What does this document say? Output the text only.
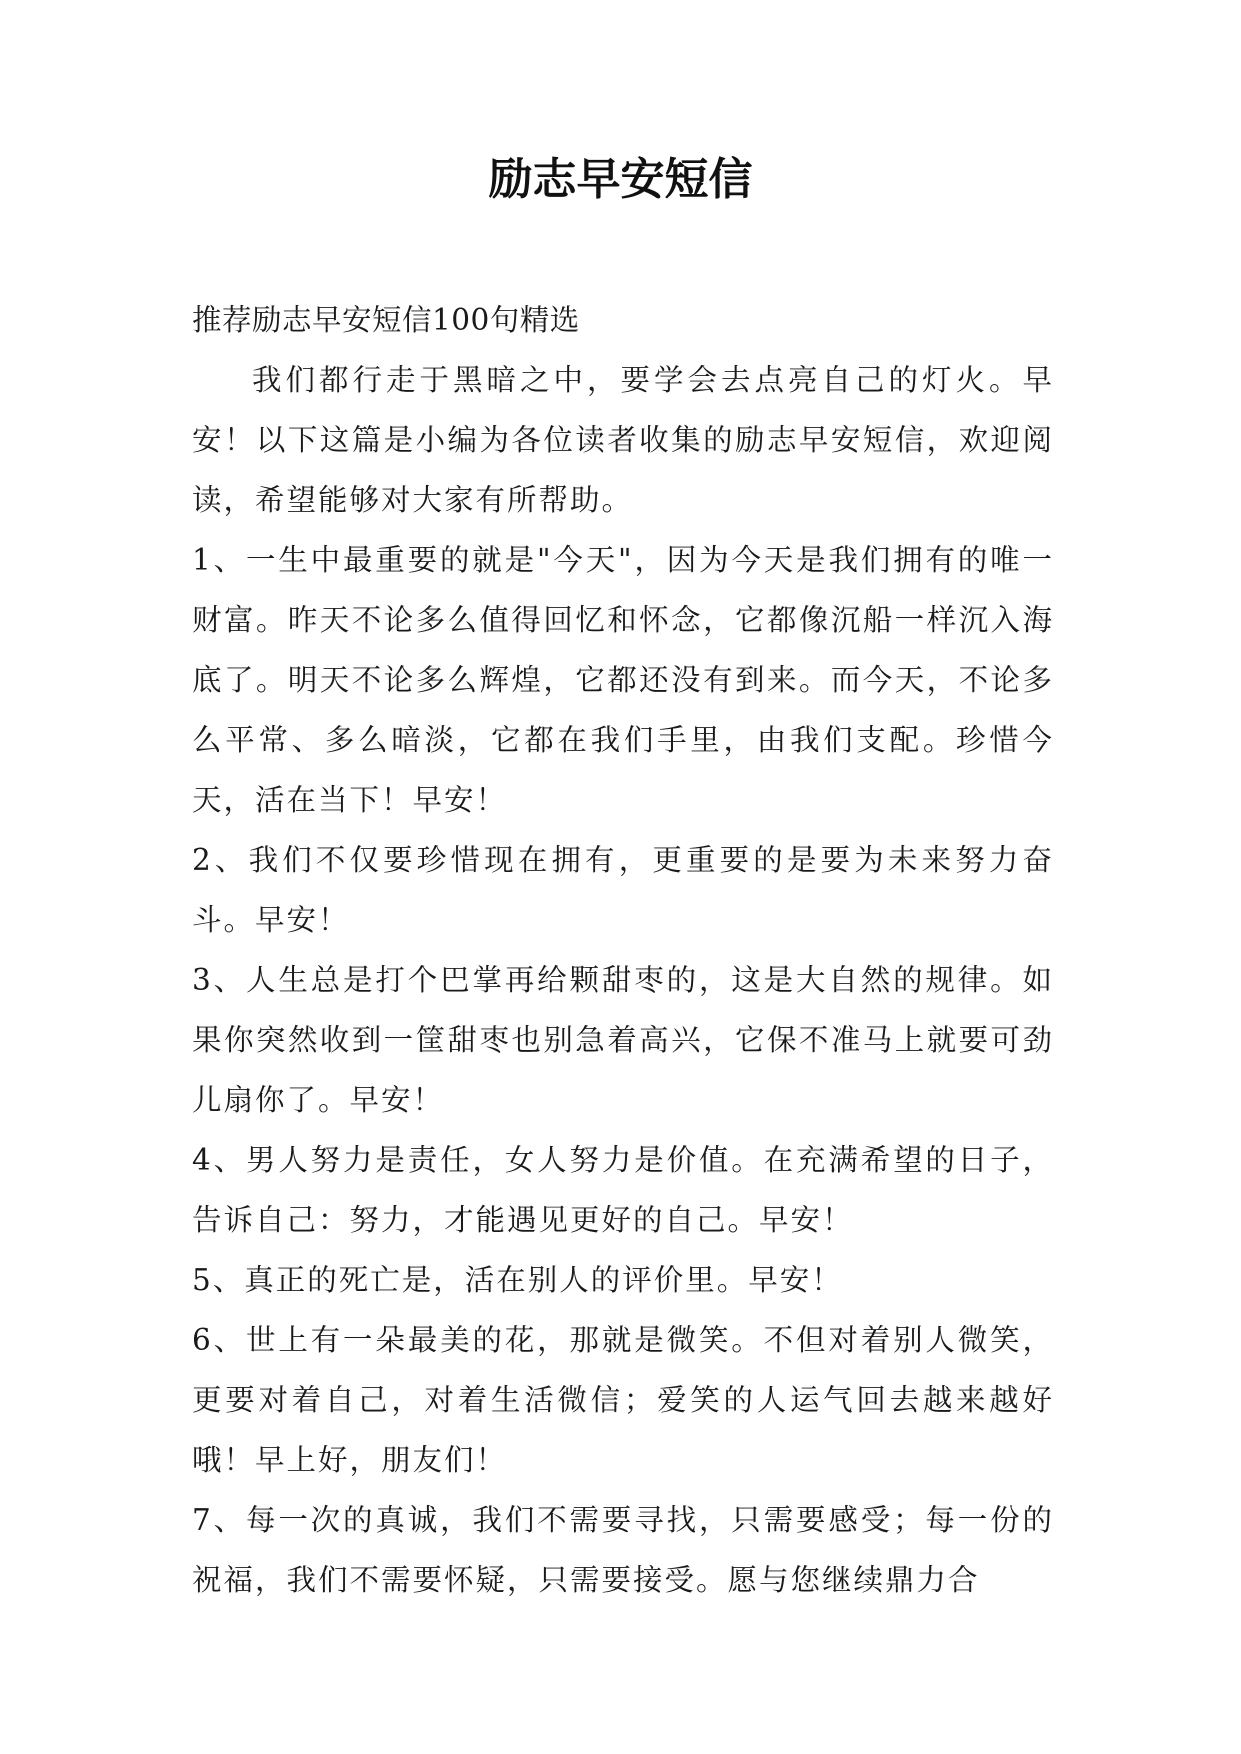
励志早安短信

推荐励志早安短信100句精选

我们都行走于黑暗之中，要学会去点亮自己的灯火。早安！以下这篇是小编为各位读者收集的励志早安短信，欢迎阅读，希望能够对大家有所帮助。

1、一生中最重要的就是"今天"，因为今天是我们拥有的唯一财富。昨天不论多么值得回忆和怀念，它都像沉船一样沉入海底了。明天不论多么辉煌，它都还没有到来。而今天，不论多么平常、多么暗淡，它都在我们手里，由我们支配。珍惜今天，活在当下！早安！

2、我们不仅要珍惜现在拥有，更重要的是要为未来努力奋斗。早安！

3、人生总是打个巴掌再给颗甜枣的，这是大自然的规律。如果你突然收到一筐甜枣也别急着高兴，它保不准马上就要可劲儿扇你了。早安！

4、男人努力是责任，女人努力是价值。在充满希望的日子，告诉自己：努力，才能遇见更好的自己。早安！

5、真正的死亡是，活在别人的评价里。早安！

6、世上有一朵最美的花，那就是微笑。不但对着别人微笑，更要对着自己，对着生活微信；爱笑的人运气回去越来越好哦！早上好，朋友们！

7、每一次的真诚，我们不需要寻找，只需要感受；每一份的祝福，我们不需要怀疑，只需要接受。愿与您继续鼎力合
